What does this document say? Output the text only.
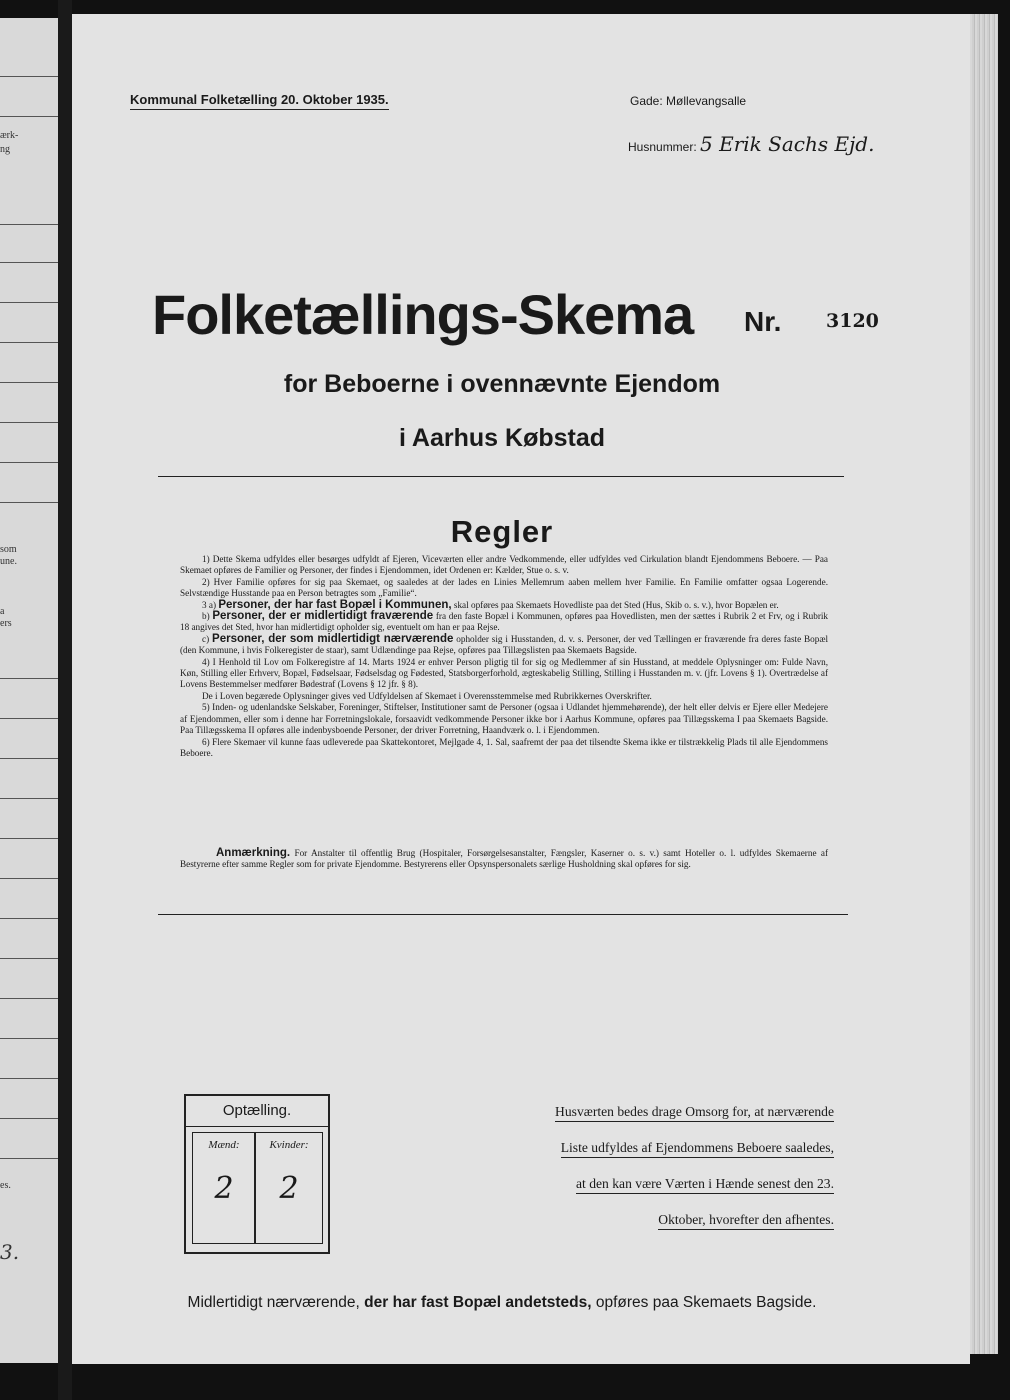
ærk-
ng
som
une.
a
ers
es.
3.
Kommunal Folketælling 20. Oktober 1935.	Gade: Møllevangsalle
Husnummer: 5 Erik Sachs Ejd.
Folketællings-Skema Nr. 3120
for Beboerne i ovennævnte Ejendom
i Aarhus Købstad
Regler

1) Dette Skema udfyldes eller besørges udfyldt af Ejeren, Viceværten eller andre Vedkommende, eller udfyldes ved Cirkulation blandt Ejendommens Beboere. — Paa Skemaet opføres de Familier og Personer, der findes i Ejendommen, idet Ordenen er: Kælder, Stue o. s. v.

2) Hver Familie opføres for sig paa Skemaet, og saaledes at der lades en Linies Mellemrum aaben mellem hver Familie. En Familie omfatter ogsaa Logerende. Selvstændige Husstande paa en Person betragtes som „Familie“.

3 a) Personer, der har fast Bopæl i Kommunen, skal opføres paa Skemaets Hovedliste paa det Sted (Hus, Skib o. s. v.), hvor Bopælen er.

b) Personer, der er midlertidigt fraværende fra den faste Bopæl i Kommunen, opføres paa Hovedlisten, men der sættes i Rubrik 2 et Frv, og i Rubrik 18 angives det Sted, hvor han midlertidigt opholder sig, eventuelt om han er paa Rejse.

c) Personer, der som midlertidigt nærværende opholder sig i Husstanden, d. v. s. Personer, der ved Tællingen er fraværende fra deres faste Bopæl (den Kommune, i hvis Folkeregister de staar), samt Udlændinge paa Rejse, opføres paa Tillægslisten paa Skemaets Bagside.

4) I Henhold til Lov om Folkeregistre af 14. Marts 1924 er enhver Person pligtig til for sig og Medlemmer af sin Husstand, at meddele Oplysninger om: Fulde Navn, Køn, Stilling eller Erhverv, Bopæl, Fødselsaar, Fødselsdag og Fødested, Statsborgerforhold, ægteskabelig Stilling, Stilling i Husstanden m. v. (jfr. Lovens § 1). Overtrædelse af Lovens Bestemmelser medfører Bødestraf (Lovens § 12 jfr. § 8).

De i Loven begærede Oplysninger gives ved Udfyldelsen af Skemaet i Overensstemmelse med Rubrikkernes Overskrifter.

5) Inden- og udenlandske Selskaber, Foreninger, Stiftelser, Institutioner samt de Personer (ogsaa i Udlandet hjemmehørende), der helt eller delvis er Ejere eller Medejere af Ejendommen, eller som i denne har Forretningslokale, forsaavidt vedkommende Personer ikke bor i Aarhus Kommune, opføres paa Tillægsskema I paa Skemaets Bagside. Paa Tillægsskema II opføres alle indenbysboende Personer, der driver Forretning, Haandværk o. l. i Ejendommen.

6) Flere Skemaer vil kunne faas udleverede paa Skattekontoret, Mejlgade 4, 1. Sal, saafremt der paa det tilsendte Skema ikke er tilstrækkelig Plads til alle Ejendommens Beboere.

Anmærkning. For Anstalter til offentlig Brug (Hospitaler, Forsørgelsesanstalter, Fængsler, Kaserner o. s. v.) samt Hoteller o. l. udfyldes Skemaerne af Bestyrerne efter samme Regler som for private Ejendomme. Bestyrerens eller Opsynspersonalets særlige Husholdning skal opføres for sig.

Optælling.
Mænd:
2
Kvinder:
2
Husværten bedes drage Omsorg for, at nærværende
Liste udfyldes af Ejendommens Beboere saaledes,
at den kan være Værten i Hænde senest den 23.
Oktober, hvorefter den afhentes.
Midlertidigt nærværende, der har fast Bopæl andetsteds, opføres paa Skemaets Bagside.
